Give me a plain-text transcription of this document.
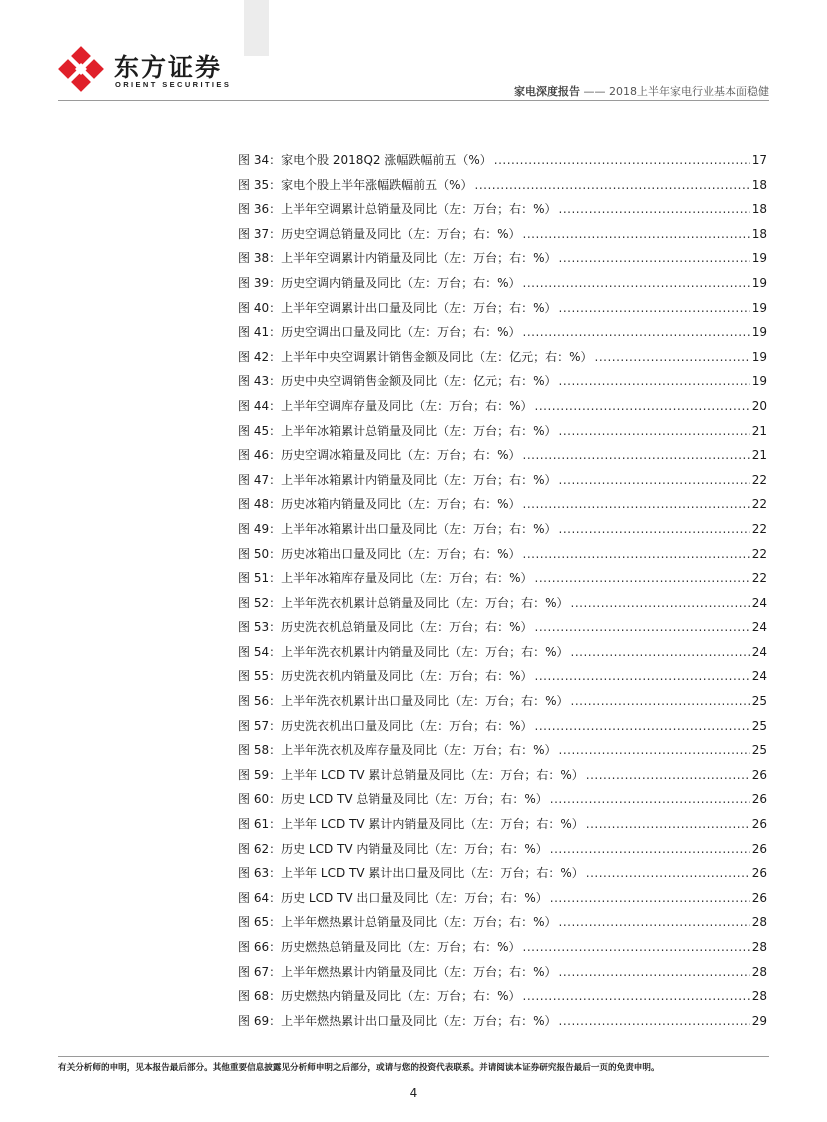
东方证券
ORIENT SECURITIES
家电深度报告 —— 2018上半年家电行业基本面稳健
图 34：家电个股 2018Q2 涨幅跌幅前五（%） .....	17
图 35：家电个股上半年涨幅跌幅前五（%） .....	18
图 36：上半年空调累计总销量及同比（左：万台；右：%） .....	18
图 37：历史空调总销量及同比（左：万台；右：%） .....	18
图 38：上半年空调累计内销量及同比（左：万台；右：%） .....	19
图 39：历史空调内销量及同比（左：万台；右：%） .....	19
图 40：上半年空调累计出口量及同比（左：万台；右：%） .....	19
图 41：历史空调出口量及同比（左：万台；右：%） .....	19
图 42：上半年中央空调累计销售金额及同比（左：亿元；右：%） .....	19
图 43：历史中央空调销售金额及同比（左：亿元；右：%） .....	19
图 44：上半年空调库存量及同比（左：万台；右：%） .....	20
图 45：上半年冰箱累计总销量及同比（左：万台；右：%） .....	21
图 46：历史空调冰箱量及同比（左：万台；右：%） .....	21
图 47：上半年冰箱累计内销量及同比（左：万台；右：%） .....	22
图 48：历史冰箱内销量及同比（左：万台；右：%） .....	22
图 49：上半年冰箱累计出口量及同比（左：万台；右：%） .....	22
图 50：历史冰箱出口量及同比（左：万台；右：%） .....	22
图 51：上半年冰箱库存量及同比（左：万台；右：%） .....	22
图 52：上半年洗衣机累计总销量及同比（左：万台；右：%） .....	24
图 53：历史洗衣机总销量及同比（左：万台；右：%） .....	24
图 54：上半年洗衣机累计内销量及同比（左：万台；右：%） .....	24
图 55：历史洗衣机内销量及同比（左：万台；右：%） .....	24
图 56：上半年洗衣机累计出口量及同比（左：万台；右：%） .....	25
图 57：历史洗衣机出口量及同比（左：万台；右：%） .....	25
图 58：上半年洗衣机及库存量及同比（左：万台；右：%） .....	25
图 59：上半年 LCD TV 累计总销量及同比（左：万台；右：%） .....	26
图 60：历史 LCD TV 总销量及同比（左：万台；右：%） .....	26
图 61：上半年 LCD TV 累计内销量及同比（左：万台；右：%） .....	26
图 62：历史 LCD TV 内销量及同比（左：万台；右：%） .....	26
图 63：上半年 LCD TV 累计出口量及同比（左：万台；右：%） .....	26
图 64：历史 LCD TV 出口量及同比（左：万台；右：%） .....	26
图 65：上半年燃热累计总销量及同比（左：万台；右：%） .....	28
图 66：历史燃热总销量及同比（左：万台；右：%） .....	28
图 67：上半年燃热累计内销量及同比（左：万台；右：%） .....	28
图 68：历史燃热内销量及同比（左：万台；右：%） .....	28
图 69：上半年燃热累计出口量及同比（左：万台；右：%） .....	29
有关分析师的申明，见本报告最后部分。其他重要信息披露见分析师申明之后部分，或请与您的投资代表联系。并请阅读本证券研究报告最后一页的免责申明。
4
